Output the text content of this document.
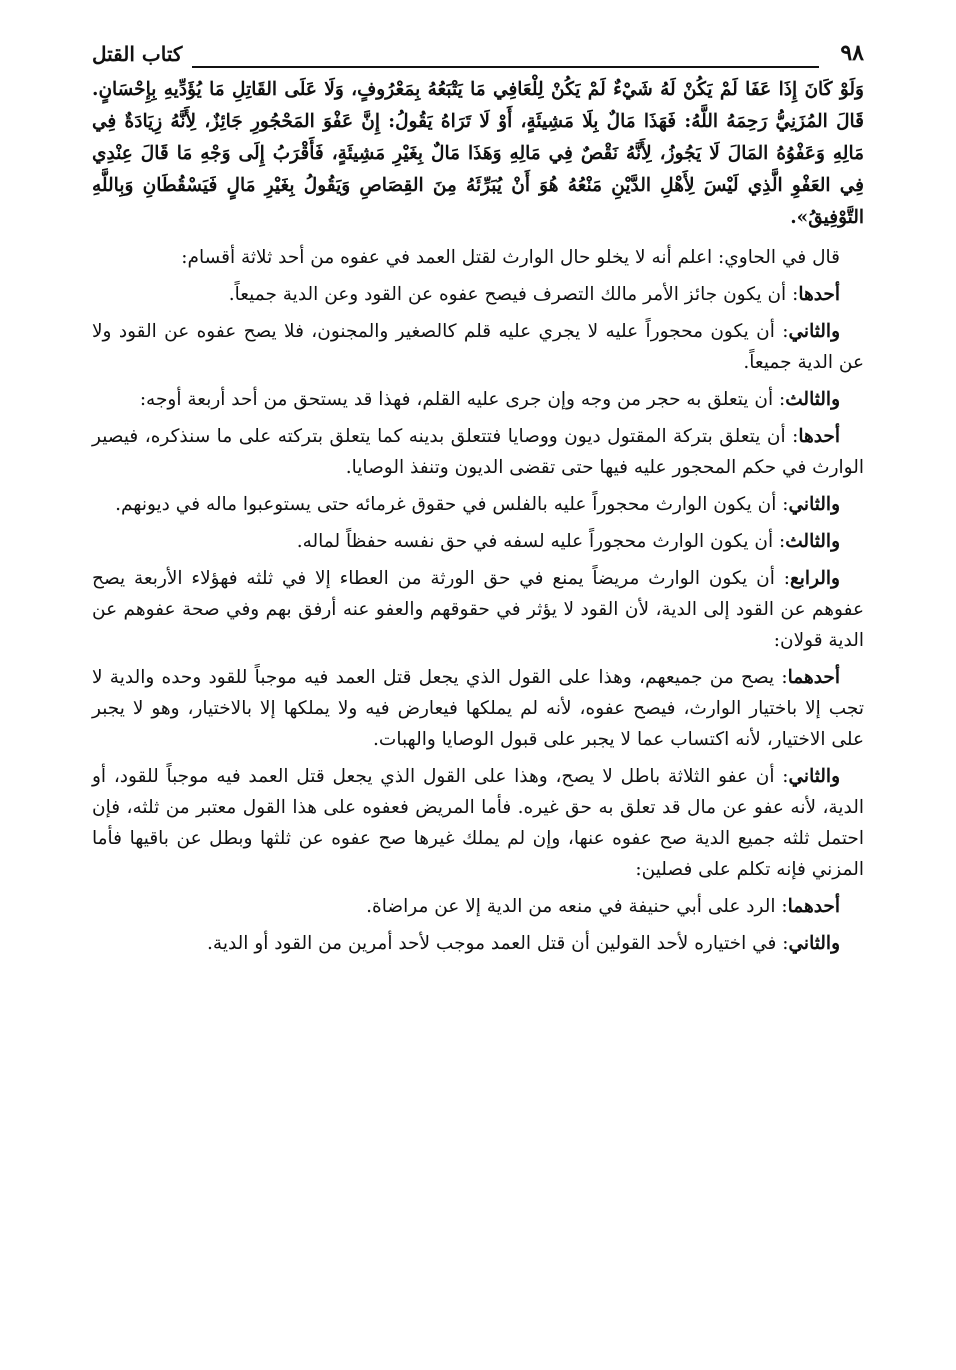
٩٨
كتاب القتل

وَلَوْ كَانَ إِذَا عَفَا لَمْ يَكُنْ لَهُ شَيْءٌ لَمْ يَكُنْ لِلْعَافِي مَا يَتْبَعُهُ بِمَعْرُوفٍ، وَلَا عَلَى القَاتِلِ مَا يُؤَدِّيهِ بِإِحْسَانٍ. قَالَ المُزَنِيُّ رَحِمَهُ اللَّهُ: فَهَذَا مَالٌ بِلَا مَشِيئَةٍ، أَوْ لَا تَرَاهُ يَقُولُ: إِنَّ عَفْوَ المَحْجُورِ جَائِزٌ، لِأَنَّهُ زِيَادَةٌ فِي مَالِهِ وَعَفْوُهُ المَالَ لَا يَجُوزُ، لِأَنَّهُ نَقْصٌ فِي مَالِهِ وَهَذَا مَالٌ بِغَيْرِ مَشِيئَةٍ، فَأَقْرَبُ إِلَى وَجْهِ مَا قَالَ عِنْدِي فِي العَفْوِ الَّذِي لَيْسَ لِأَهْلِ الدَّيْنِ مَنْعُهُ هُوَ أَنْ يُبَرِّئَهُ مِنَ القِصَاصِ وَيَقُولُ بِغَيْرِ مَالٍ فَيَسْقُطَانِ وَبِاللَّهِ التَّوْفِيقُ».

قال في الحاوي: اعلم أنه لا يخلو حال الوارث لقتل العمد في عفوه من أحد ثلاثة أقسام:

أحدها: أن يكون جائز الأمر مالك التصرف فيصح عفوه عن القود وعن الدية جميعاً.

والثاني: أن يكون محجوراً عليه لا يجري عليه قلم كالصغير والمجنون، فلا يصح عفوه عن القود ولا عن الدية جميعاً.

والثالث: أن يتعلق به حجر من وجه وإن جرى عليه القلم، فهذا قد يستحق من أحد أربعة أوجه:

أحدها: أن يتعلق بتركة المقتول ديون ووصايا فتتعلق بدينه كما يتعلق بتركته على ما سنذكره، فيصير الوارث في حكم المحجور عليه فيها حتى تقضى الديون وتنفذ الوصايا.

والثاني: أن يكون الوارث محجوراً عليه بالفلس في حقوق غرمائه حتى يستوعبوا ماله في ديونهم.

والثالث: أن يكون الوارث محجوراً عليه لسفه في حق نفسه حفظاً لماله.

والرابع: أن يكون الوارث مريضاً يمنع في حق الورثة من العطاء إلا في ثلثه فهؤلاء الأربعة يصح عفوهم عن القود إلى الدية، لأن القود لا يؤثر في حقوقهم والعفو عنه أرفق بهم وفي صحة عفوهم عن الدية قولان:

أحدهما: يصح من جميعهم، وهذا على القول الذي يجعل قتل العمد فيه موجباً للقود وحده والدية لا تجب إلا باختيار الوارث، فيصح عفوه، لأنه لم يملكها فيعارض فيه ولا يملكها إلا بالاختيار، وهو لا يجبر على الاختيار، لأنه اكتساب عما لا يجبر على قبول الوصايا والهبات.

والثاني: أن عفو الثلاثة باطل لا يصح، وهذا على القول الذي يجعل قتل العمد فيه موجباً للقود، أو الدية، لأنه عفو عن مال قد تعلق به حق غيره. فأما المريض فعفوه على هذا القول معتبر من ثلثه، فإن احتمل ثلثه جميع الدية صح عفوه عنها، وإن لم يملك غيرها صح عفوه عن ثلثها وبطل عن باقيها فأما المزني فإنه تكلم على فصلين:

أحدهما: الرد على أبي حنيفة في منعه من الدية إلا عن مراضاة.

والثاني: في اختياره لأحد القولين أن قتل العمد موجب لأحد أمرين من القود أو الدية.
